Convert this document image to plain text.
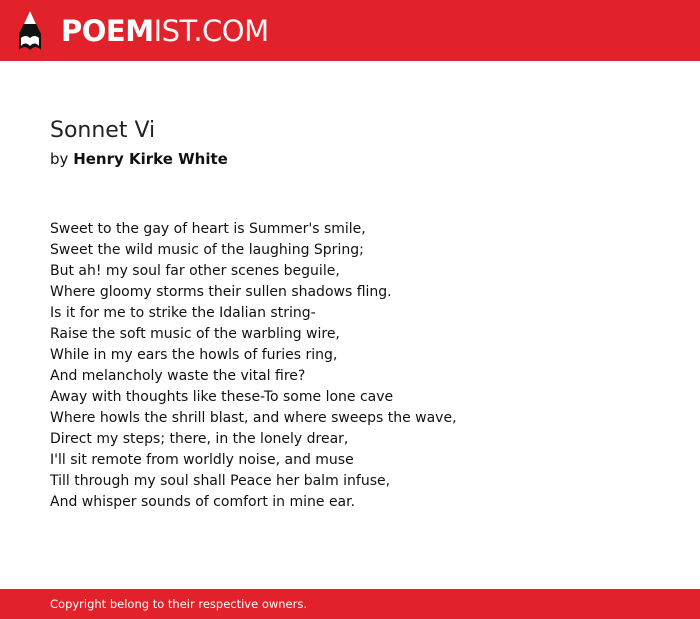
POEMIST.COM
Sonnet Vi
by Henry Kirke White
Sweet to the gay of heart is Summer's smile,
Sweet the wild music of the laughing Spring;
But ah! my soul far other scenes beguile,
Where gloomy storms their sullen shadows fling.
Is it for me to strike the Idalian string-
Raise the soft music of the warbling wire,
While in my ears the howls of furies ring,
And melancholy waste the vital fire?
Away with thoughts like these-To some lone cave
Where howls the shrill blast, and where sweeps the wave,
Direct my steps; there, in the lonely drear,
I'll sit remote from worldly noise, and muse
Till through my soul shall Peace her balm infuse,
And whisper sounds of comfort in mine ear.
Copyright belong to their respective owners.
